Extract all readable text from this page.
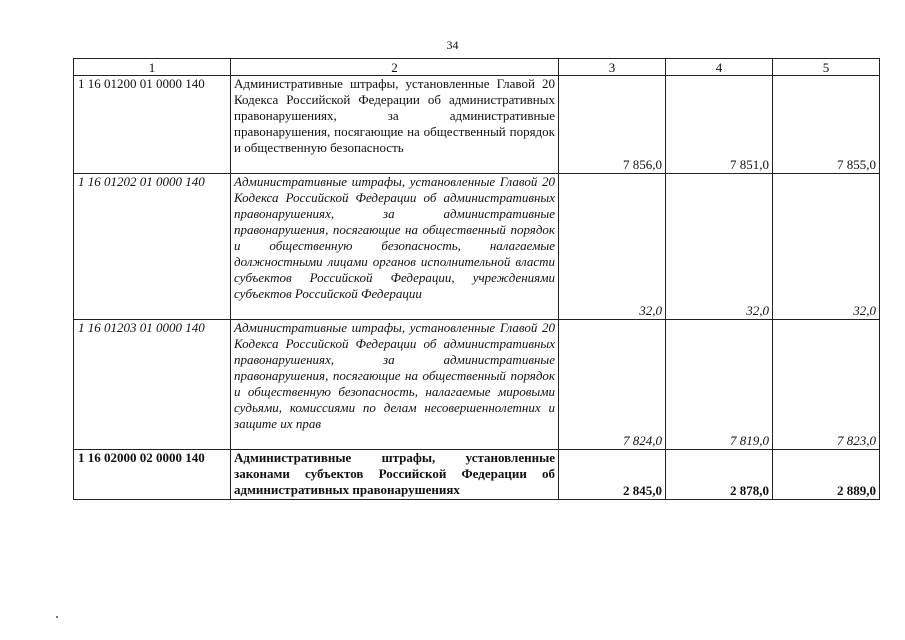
34
1	2	3	4	5
1 16 01200 01 0000 140	Административные штрафы, установленные Главой 20 Кодекса Российской Федерации об административных правонарушениях, за административные правонарушения, посягающие на общественный порядок и общественную безопасность	7 856,0	7 851,0	7 855,0
1 16 01202 01 0000 140	Административные штрафы, установленные Главой 20 Кодекса Российской Федерации об административных правонарушениях, за административные правонарушения, посягающие на общественный порядок и общественную безопасность, налагаемые должностными лицами органов исполнительной власти субъектов Российской Федерации, учреждениями субъектов Российской Федерации	32,0	32,0	32,0
1 16 01203 01 0000 140	Административные штрафы, установленные Главой 20 Кодекса Российской Федерации об административных правонарушениях, за административные правонарушения, посягающие на общественный порядок и общественную безопасность, налагаемые мировыми судьями, комиссиями по делам несовершеннолетних и защите их прав	7 824,0	7 819,0	7 823,0
1 16 02000 02 0000 140	Административные штрафы, установленные законами субъектов Российской Федерации об административных правонарушениях	2 845,0	2 878,0	2 889,0
